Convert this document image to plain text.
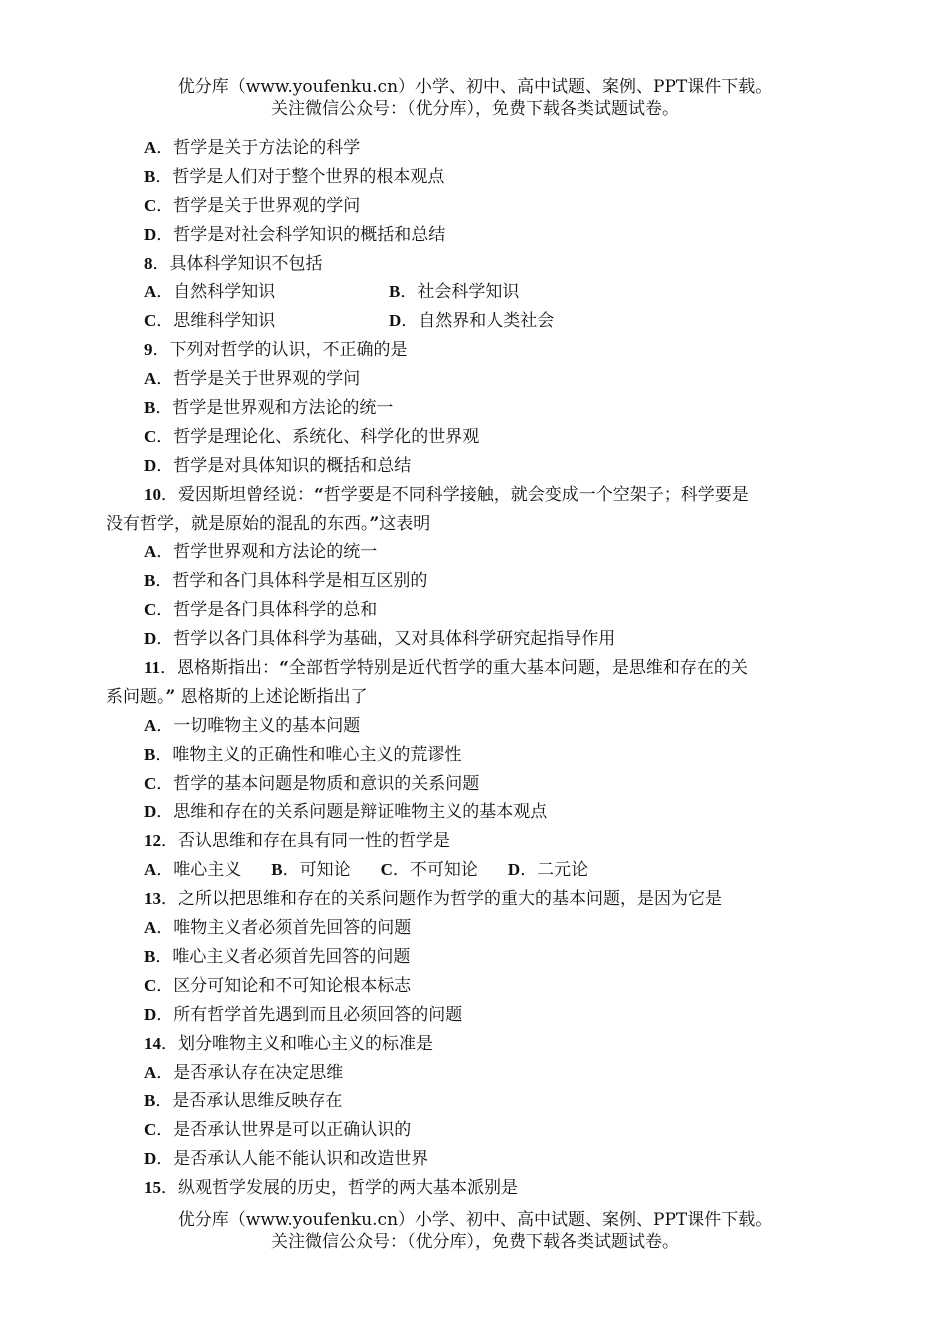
优分库（www.youfenku.cn）小学、初中、高中试题、案例、PPT课件下载。
关注微信公众号：（优分库），免费下载各类试题试卷。
A．哲学是关于方法论的科学
B．哲学是人们对于整个世界的根本观点
C．哲学是关于世界观的学问
D．哲学是对社会科学知识的概括和总结
8．具体科学知识不包括
A．自然科学知识	B．社会科学知识
C．思维科学知识	D．自然界和人类社会
9．下列对哲学的认识，不正确的是
A．哲学是关于世界观的学问
B．哲学是世界观和方法论的统一
C．哲学是理论化、系统化、科学化的世界观
D．哲学是对具体知识的概括和总结
10．爱因斯坦曾经说：“哲学要是不同科学接触，就会变成一个空架子；科学要是
没有哲学，就是原始的混乱的东西。”这表明
A．哲学世界观和方法论的统一
B．哲学和各门具体科学是相互区别的
C．哲学是各门具体科学的总和
D．哲学以各门具体科学为基础，又对具体科学研究起指导作用
11．恩格斯指出：“全部哲学特别是近代哲学的重大基本问题，是思维和存在的关
系问题。” 恩格斯的上述论断指出了
A．一切唯物主义的基本问题
B．唯物主义的正确性和唯心主义的荒谬性
C．哲学的基本问题是物质和意识的关系问题
D．思维和存在的关系问题是辩证唯物主义的基本观点
12．否认思维和存在具有同一性的哲学是
A．唯心主义 B．可知论 C．不可知论 D．二元论
13．之所以把思维和存在的关系问题作为哲学的重大的基本问题，是因为它是
A．唯物主义者必须首先回答的问题
B．唯心主义者必须首先回答的问题
C．区分可知论和不可知论根本标志
D．所有哲学首先遇到而且必须回答的问题
14．划分唯物主义和唯心主义的标准是
A．是否承认存在决定思维
B．是否承认思维反映存在
C．是否承认世界是可以正确认识的
D．是否承认人能不能认识和改造世界
15．纵观哲学发展的历史，哲学的两大基本派别是
优分库（www.youfenku.cn）小学、初中、高中试题、案例、PPT课件下载。
关注微信公众号：（优分库），免费下载各类试题试卷。
